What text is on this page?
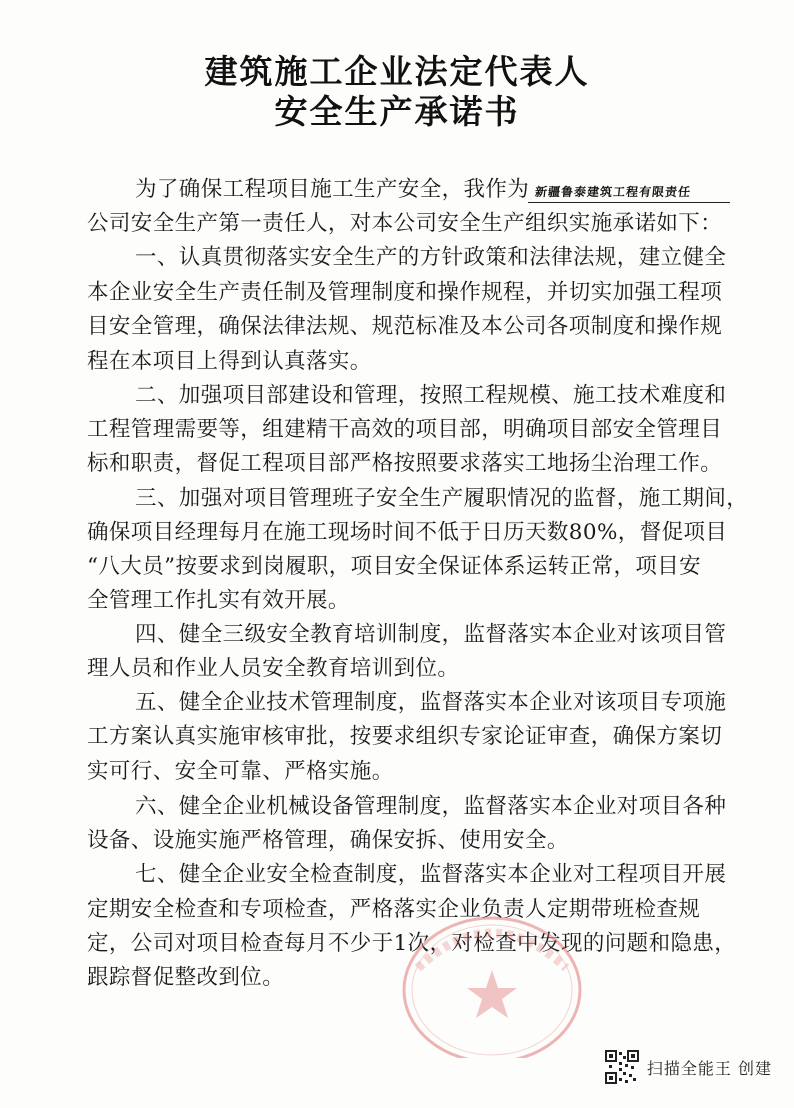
建筑施工企业法定代表人
安全生产承诺书
为了确保工程项目施工生产安全，我作为 新疆鲁泰建筑工程有限责任
公司安全生产第一责任人，对本公司安全生产组织实施承诺如下：
一、认真贯彻落实安全生产的方针政策和法律法规，建立健全
本企业安全生产责任制及管理制度和操作规程，并切实加强工程项
目安全管理，确保法律法规、规范标准及本公司各项制度和操作规
程在本项目上得到认真落实。
二、加强项目部建设和管理，按照工程规模、施工技术难度和
工程管理需要等，组建精干高效的项目部，明确项目部安全管理目
标和职责，督促工程项目部严格按照要求落实工地扬尘治理工作。
三、加强对项目管理班子安全生产履职情况的监督，施工期间，
确保项目经理每月在施工现场时间不低于日历天数80%，督促项目
“八大员”按要求到岗履职，项目安全保证体系运转正常，项目安
全管理工作扎实有效开展。
四、健全三级安全教育培训制度，监督落实本企业对该项目管
理人员和作业人员安全教育培训到位。
五、健全企业技术管理制度，监督落实本企业对该项目专项施
工方案认真实施审核审批，按要求组织专家论证审查，确保方案切
实可行、安全可靠、严格实施。
六、健全企业机械设备管理制度，监督落实本企业对项目各种
设备、设施实施严格管理，确保安拆、使用安全。
七、健全企业安全检查制度，监督落实本企业对工程项目开展
定期安全检查和专项检查，严格落实企业负责人定期带班检查规
定，公司对项目检查每月不少于1次，对检查中发现的问题和隐患，
跟踪督促整改到位。
扫描全能王 创建
